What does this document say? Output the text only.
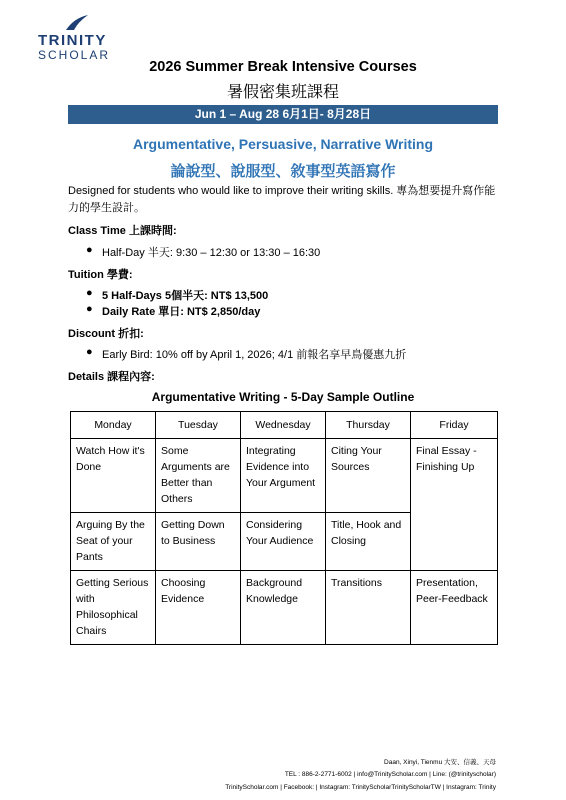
TRINITY
SCHOLAR
2026 Summer Break Intensive Courses
暑假密集班課程
Jun 1 – Aug 28 6月1日- 8月28日
Argumentative, Persuasive, Narrative Writing
論說型、說服型、敘事型英語寫作
Designed for students who would like to improve their writing skills. 專為想要提升寫作能力的學生設計。
Class Time 上課時間:
● Half-Day 半天: 9:30 – 12:30 or 13:30 – 16:30
Tuition 學費:
● 5 Half-Days 5個半天: NT$ 13,500
● Daily Rate 單日: NT$ 2,850/day
Discount 折扣:
● Early Bird: 10% off by April 1, 2026; 4/1 前報名享早鳥優惠九折
Details 課程內容:
Argumentative Writing - 5-Day Sample Outline
Monday	Tuesday	Wednesday	Thursday	Friday
Watch How it's Done	Some Arguments are Better than Others	Integrating Evidence into Your Argument	Citing Your Sources	Final Essay - Finishing Up
Arguing By the Seat of your Pants	Getting Down to Business	Considering Your Audience	Title, Hook and Closing	
Getting Serious with Philosophical Chairs	Choosing Evidence	Background Knowledge	Transitions	Presentation, Peer-Feedback
Daan, Xinyi, Tienmu 大安、信義、天母
TEL : 886-2-2771-6002 | info@TrinityScholar.com | Line: (@trinityscholar)
TrinityScholar.com | Facebook: | Instagram: TrinityScholarTrinityScholarTW | Instagram: Trinity
